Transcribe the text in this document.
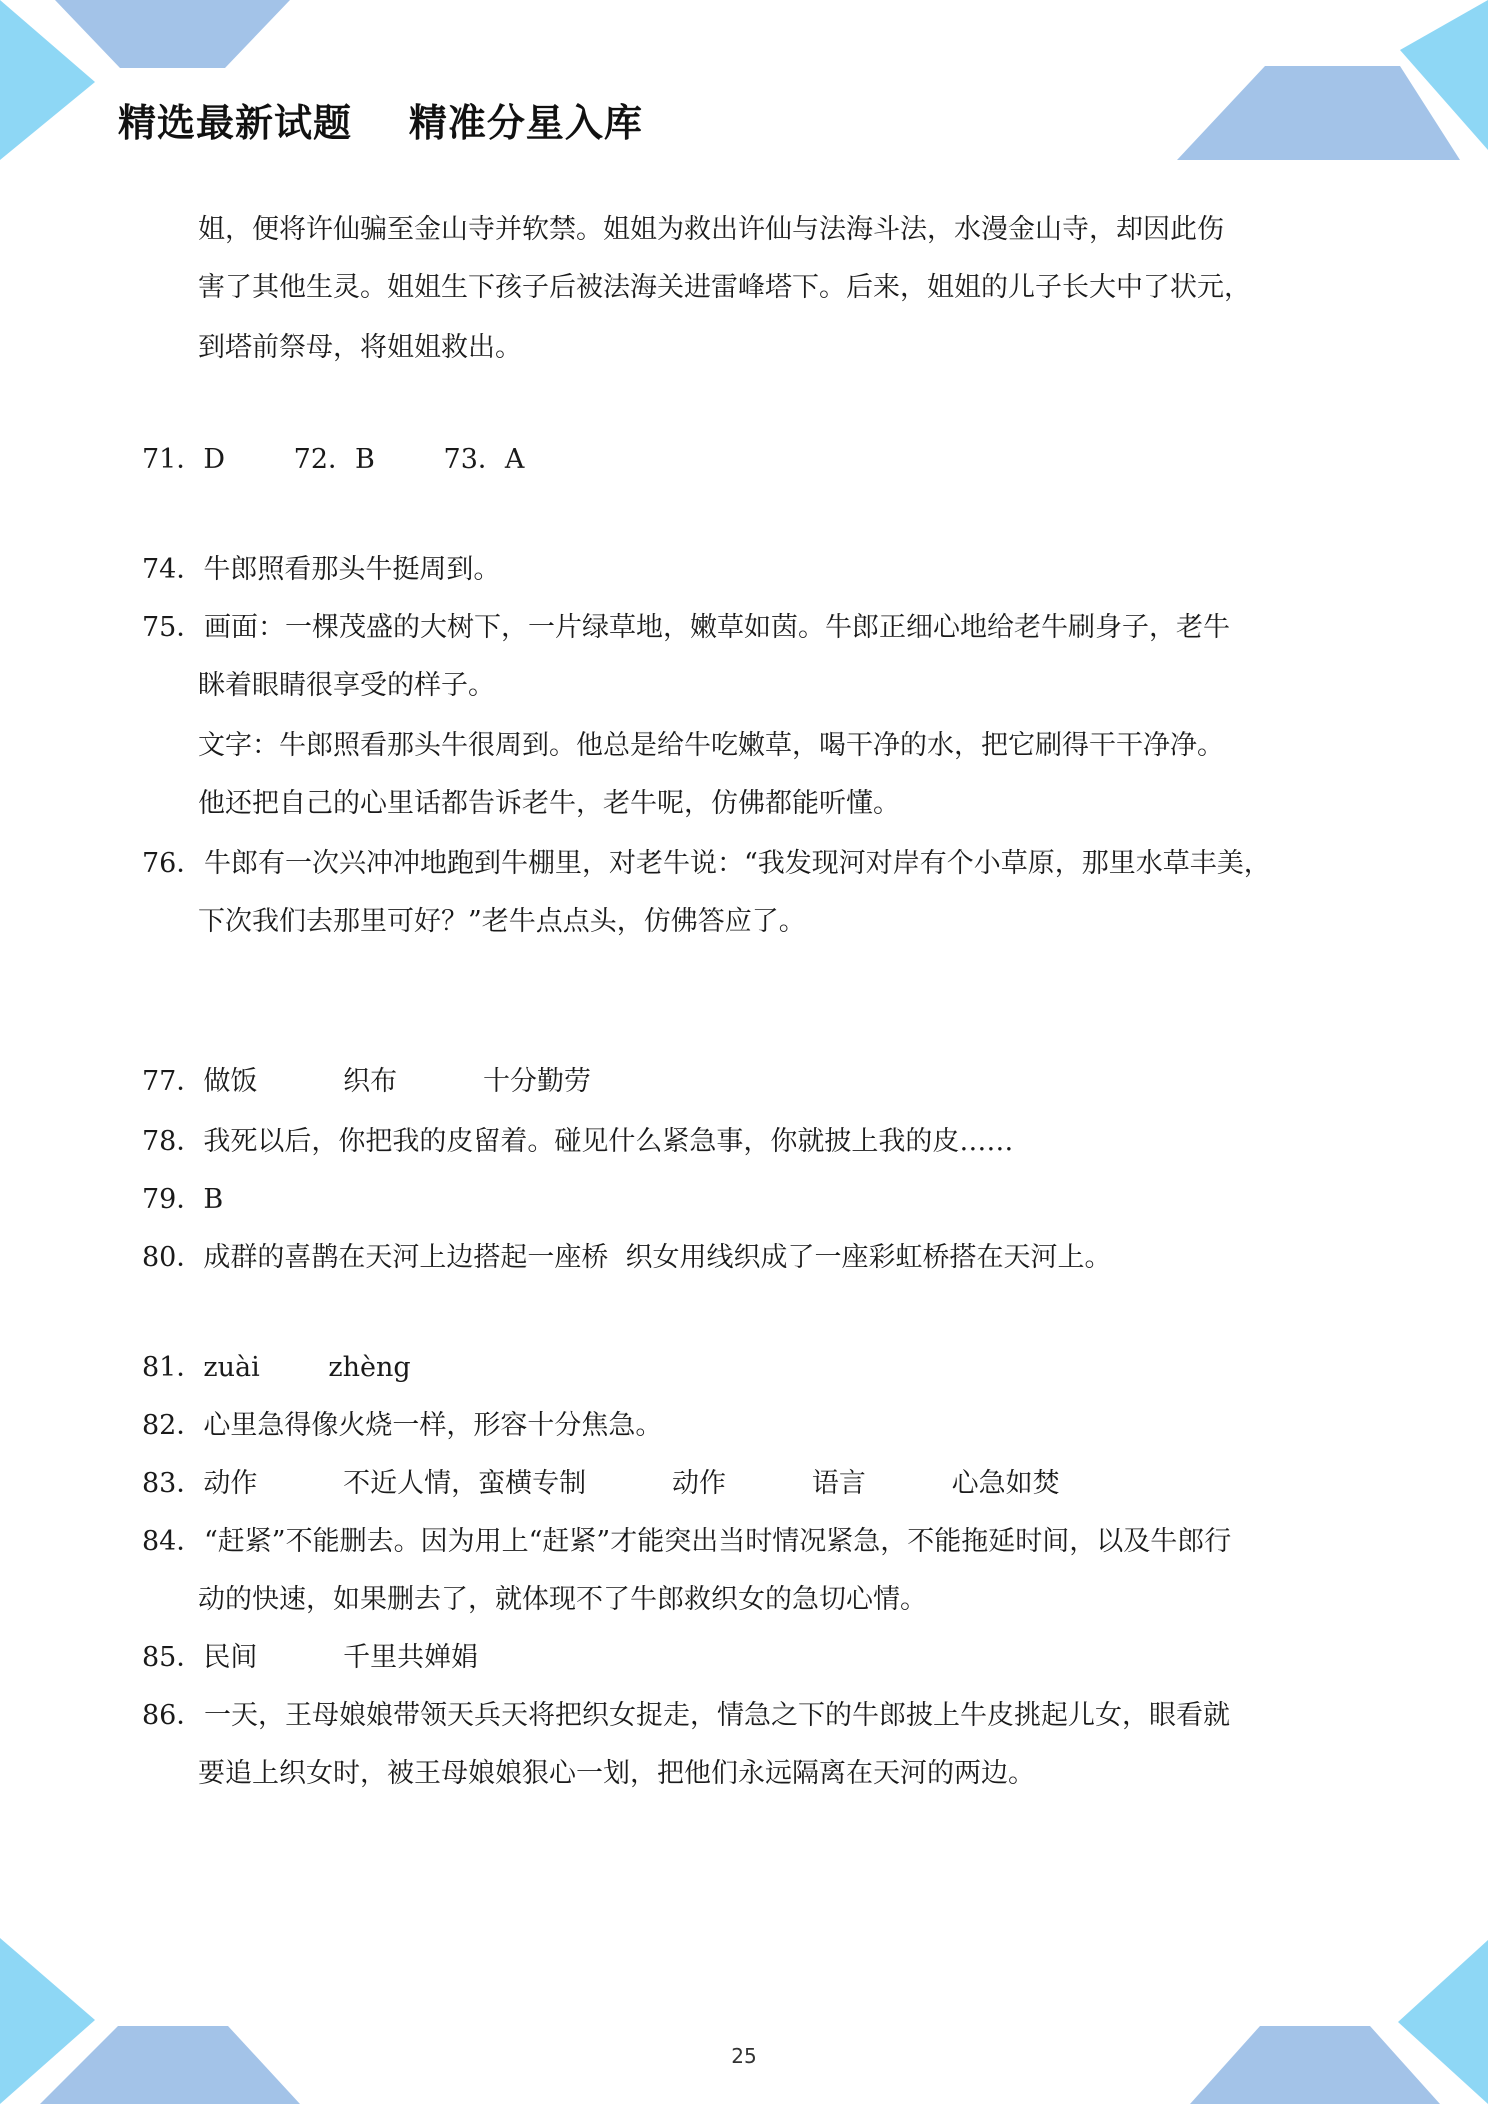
精选最新试题    精准分星入库
姐，便将许仙骗至金山寺并软禁。姐姐为救出许仙与法海斗法，水漫金山寺，却因此伤
害了其他生灵。姐姐生下孩子后被法海关进雷峰塔下。后来，姐姐的儿子长大中了状元，
到塔前祭母，将姐姐救出。
71．D        72．B        73．A
74．牛郎照看那头牛挺周到。
75． 画面：一棵茂盛的大树下，一片绿草地，嫩草如茵。牛郎正细心地给老牛刷身子，老牛
眯着眼睛很享受的样子。
文字：牛郎照看那头牛很周到。他总是给牛吃嫩草，喝干净的水，把它刷得干干净净。
他还把自己的心里话都告诉老牛，老牛呢，仿佛都能听懂。
76． 牛郎有一次兴冲冲地跑到牛棚里，对老牛说：“我发现河对岸有个小草原，那里水草丰美，
下次我们去那里可好？”老牛点点头，仿佛答应了。
77．做饭          织布          十分勤劳
78．我死以后，你把我的皮留着。碰见什么紧急事，你就披上我的皮……
79．B
80．成群的喜鹊在天河上边搭起一座桥  织女用线织成了一座彩虹桥搭在天河上。
81．zuài        zhèng
82．心里急得像火烧一样，形容十分焦急。
83．动作          不近人情，蛮横专制          动作          语言          心急如焚
84． “赶紧”不能删去。因为用上“赶紧”才能突出当时情况紧急，不能拖延时间，以及牛郎行
动的快速，如果删去了，就体现不了牛郎救织女的急切心情。
85．民间          千里共婵娟
86． 一天，王母娘娘带领天兵天将把织女捉走，情急之下的牛郎披上牛皮挑起儿女，眼看就
要追上织女时，被王母娘娘狠心一划，把他们永远隔离在天河的两边。
25
